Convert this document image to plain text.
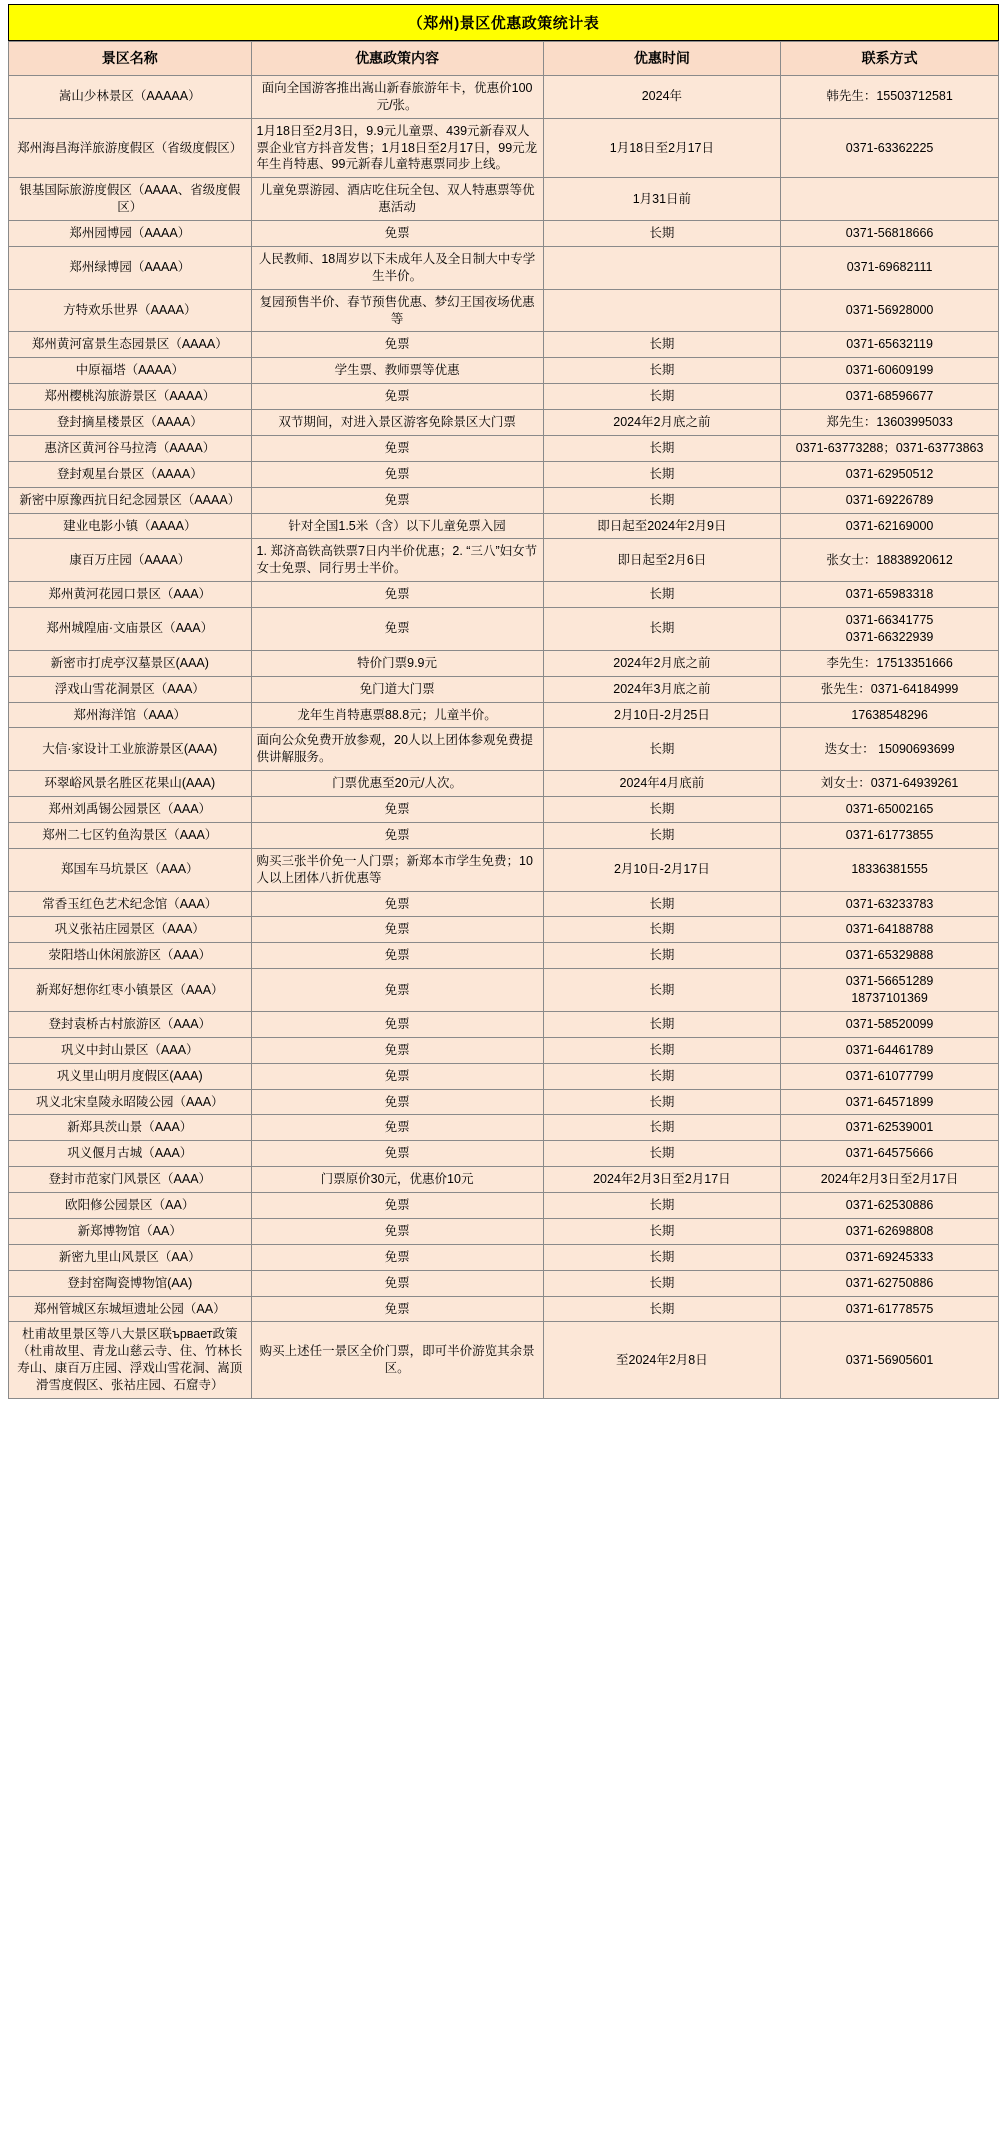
（郑州)景区优惠政策统计表
景区名称	优惠政策内容	优惠时间	联系方式
嵩山少林景区（AAAAA）	面向全国游客推出嵩山新春旅游年卡，优惠价100元/张。	2024年	韩先生：15503712581
郑州海昌海洋旅游度假区（省级度假区）	1月18日至2月3日，9.9元儿童票、439元新春双人票企业官方抖音发售；1月18日至2月17日，99元龙年生肖特惠、99元新春儿童特惠票同步上线。	1月18日至2月17日	0371-63362225
银基国际旅游度假区（AAAA、省级度假区）	儿童免票游园、酒店吃住玩全包、双人特惠票等优惠活动	1月31日前	
郑州园博园（AAAA）	免票	长期	0371-56818666
郑州绿博园（AAAA）	人民教师、18周岁以下未成年人及全日制大中专学生半价。		0371-69682111
方特欢乐世界（AAAA）	复园预售半价、春节预售优惠、梦幻王国夜场优惠等		0371-56928000
郑州黄河富景生态园景区（AAAA）	免票	长期	0371-65632119
中原福塔（AAAA）	学生票、教师票等优惠	长期	0371-60609199
郑州樱桃沟旅游景区（AAAA）	免票	长期	0371-68596677
登封摘星楼景区（AAAA）	双节期间，对进入景区游客免除景区大门票	2024年2月底之前	郑先生：13603995033
惠济区黄河谷马拉湾（AAAA）	免票	长期	0371-63773288；0371-63773863
登封观星台景区（AAAA）	免票	长期	0371-62950512
新密中原豫西抗日纪念园景区（AAAA）	免票	长期	0371-69226789
建业电影小镇（AAAA）	针对全国1.5米（含）以下儿童免票入园	即日起至2024年2月9日	0371-62169000
康百万庄园（AAAA）	1. 郑济高铁高铁票7日内半价优惠；2. “三八”妇女节女士免票、同行男士半价。	即日起至2月6日	张女士：18838920612
郑州黄河花园口景区（AAA）	免票	长期	0371-65983318
郑州城隍庙·文庙景区（AAA）	免票	长期	0371-66341775
0371-66322939
新密市打虎亭汉墓景区(AAA)	特价门票9.9元	2024年2月底之前	李先生：17513351666
浮戏山雪花洞景区（AAA）	免门道大门票	2024年3月底之前	张先生：0371-64184999
郑州海洋馆（AAA）	龙年生肖特惠票88.8元；儿童半价。	2月10日-2月25日	17638548296
大信·家设计工业旅游景区(AAA)	面向公众免费开放参观，20人以上团体参观免费提供讲解服务。	长期	迭女士： 15090693699
环翠峪风景名胜区花果山(AAA)	门票优惠至20元/人次。	2024年4月底前	刘女士：0371-64939261
郑州刘禹锡公园景区（AAA）	免票	长期	0371-65002165
郑州二七区钓鱼沟景区（AAA）	免票	长期	0371-61773855
郑国车马坑景区（AAA）	购买三张半价免一人门票；新郑本市学生免费；10人以上团体八折优惠等	2月10日-2月17日	18336381555
常香玉红色艺术纪念馆（AAA）	免票	长期	0371-63233783
巩义张祜庄园景区（AAA）	免票	长期	0371-64188788
荥阳塔山休闲旅游区（AAA）	免票	长期	0371-65329888
新郑好想你红枣小镇景区（AAA）	免票	长期	0371-56651289
18737101369
登封袁桥古村旅游区（AAA）	免票	长期	0371-58520099
巩义中封山景区（AAA）	免票	长期	0371-64461789
巩义里山明月度假区(AAA)	免票	长期	0371-61077799
巩义北宋皇陵永昭陵公园（AAA）	免票	长期	0371-64571899
新郑具茨山景（AAA）	免票	长期	0371-62539001
巩义偃月古城（AAA）	免票	长期	0371-64575666
登封市范家门风景区（AAA）	门票原价30元，优惠价10元	2024年2月3日至2月17日	2024年2月3日至2月17日
欧阳修公园景区（AA）	免票	长期	0371-62530886
新郑博物馆（AA）	免票	长期	0371-62698808
新密九里山风景区（AA）	免票	长期	0371-69245333
登封窑陶瓷博物馆(AA)	免票	长期	0371-62750886
郑州管城区东城垣遗址公园（AA）	免票	长期	0371-61778575
杜甫故里景区等八大景区联ървает政策（杜甫故里、青龙山慈云寺、住、竹林长寿山、康百万庄园、浮戏山雪花洞、嵩顶滑雪度假区、张祜庄园、石窟寺）	购买上述任一景区全价门票，即可半价游览其余景区。	至2024年2月8日	0371-56905601
